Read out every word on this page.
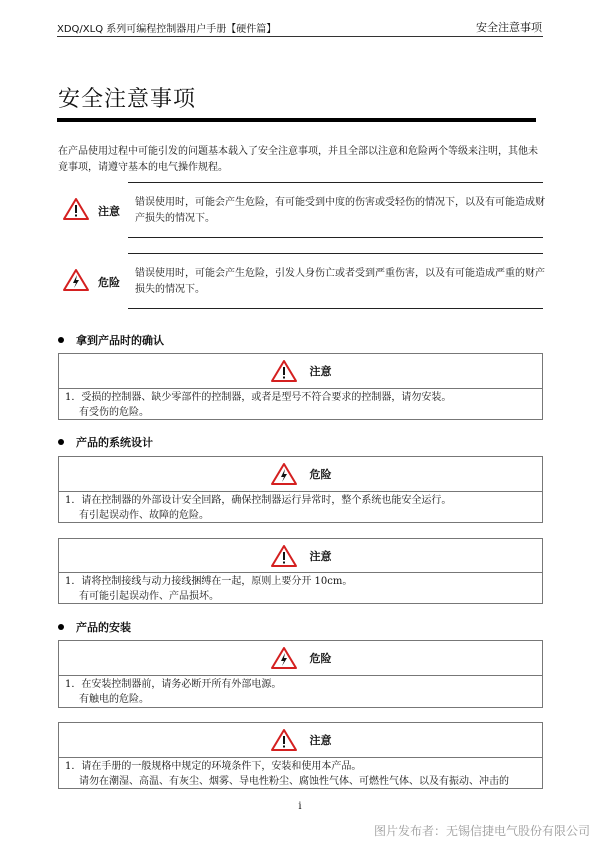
XDQ/XLQ 系列可编程控制器用户手册【硬件篇】	安全注意事项
安全注意事项
在产品使用过程中可能引发的问题基本载入了安全注意事项，并且全部以注意和危险两个等级来注明，其他未竟事项，请遵守基本的电气操作规程。
注意
错误使用时，可能会产生危险，有可能受到中度的伤害或受轻伤的情况下，以及有可能造成财产损失的情况下。
危险
错误使用时，可能会产生危险，引发人身伤亡或者受到严重伤害，以及有可能造成严重的财产损失的情况下。
拿到产品时的确认
注意
1．受损的控制器、缺少零部件的控制器，或者是型号不符合要求的控制器，请勿安装。
有受伤的危险。
产品的系统设计
危险
1．请在控制器的外部设计安全回路，确保控制器运行异常时，整个系统也能安全运行。
有引起误动作、故障的危险。
注意
1．请将控制接线与动力接线捆缚在一起，原则上要分开 10cm。
有可能引起误动作、产品损坏。
产品的安装
危险
1．在安装控制器前，请务必断开所有外部电源。
有触电的危险。
注意
1．请在手册的一般规格中规定的环境条件下，安装和使用本产品。
请勿在潮湿、高温、有灰尘、烟雾、导电性粉尘、腐蚀性气体、可燃性气体、以及有振动、冲击的
i
图片发布者：无锡信捷电气股份有限公司
